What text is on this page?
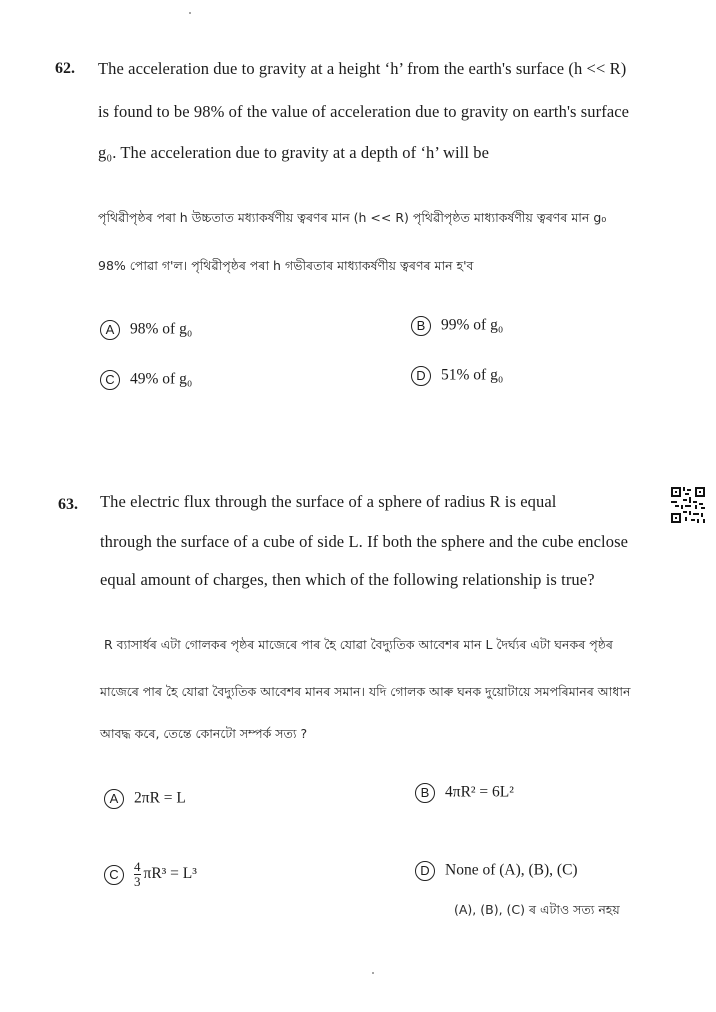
62. The acceleration due to gravity at a height ‘h’ from the earth's surface (h << R)
is found to be 98% of the value of acceleration due to gravity on earth's surface
g₀. The acceleration due to gravity at a depth of ‘h’ will be
পৃথিৱীপৃষ্ঠৰ পৰা h উচ্চতাত মধ্যাকৰ্ষণীয় ত্বৰণৰ মান (h << R) পৃথিৱীপৃষ্ঠত মাধ্যাকৰ্ষণীয় ত্বৰণৰ মান g₀
98% পোৱা গ'ল। পৃথিৱীপৃষ্ঠৰ পৰা h গভীৰতাৰ মাধ্যাকৰ্ষণীয় ত্বৰণৰ মান হ'ব
A 98% of g₀	B 99% of g₀
C 49% of g₀	D 51% of g₀
63. The electric flux through the surface of a sphere of radius R is equal
through the surface of a cube of side L. If both the sphere and the cube enclose
equal amount of charges, then which of the following relationship is true?
R ব্যাসাৰ্ধৰ এটা গোলকৰ পৃষ্ঠৰ মাজেৰে পাৰ হৈ যোৱা বৈদ্যুতিক আবেশৰ মান L দৈৰ্ঘ্যৰ এটা ঘনকৰ পৃষ্ঠৰ
মাজেৰে পাৰ হৈ যোৱা বৈদ্যুতিক আবেশৰ মানৰ সমান। যদি গোলক আৰু ঘনক দুয়োটায়ে সমপৰিমানৰ আধান
আবদ্ধ কৰে, তেন্তে কোনটো সম্পৰ্ক সত্য ?
A 2πR = L	B 4πR² = 6L²
C $\frac{4}{3} \pi R^3 = L^3$	D None of (A), (B), (C)
(A), (B), (C) ৰ এটাও সত্য নহয়
